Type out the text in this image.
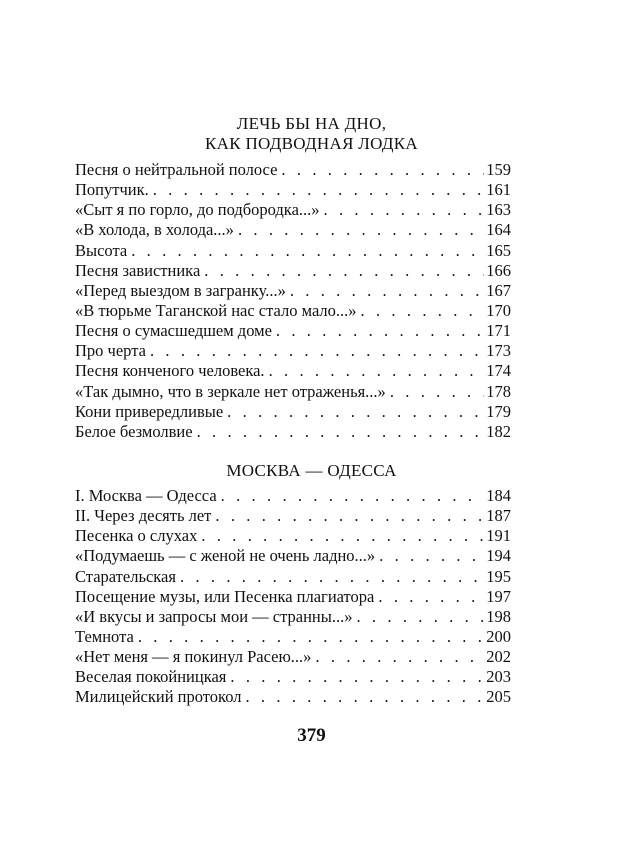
ЛЕЧЬ БЫ НА ДНО,
КАК ПОДВОДНАЯ ЛОДКА
Песня о нейтральной полосе . . .	159
Попутчик. . . .	161
«Сыт я по горло, до подбородка...» . . .	163
«В холода, в холода...» . . .	164
Высота . . .	165
Песня завистника . . .	166
«Перед выездом в загранку...» . . .	167
«В тюрьме Таганской нас стало мало...» . . .	170
Песня о сумасшедшем доме . . .	171
Про черта . . .	173
Песня конченого человека. . . .	174
«Так дымно, что в зеркале нет отраженья...» . . .	178
Кони привередливые . . .	179
Белое безмолвие . . .	182
МОСКВА — ОДЕССА
I. Москва — Одесса . . .	184
II. Через десять лет . . .	187
Песенка о слухах . . .	191
«Подумаешь — с женой не очень ладно...» . . .	194
Старательская . . .	195
Посещение музы, или Песенка плагиатора . . .	197
«И вкусы и запросы мои — странны...» . . .	198
Темнота . . .	200
«Нет меня — я покинул Расею...» . . .	202
Веселая покойницкая . . .	203
Милицейский протокол . . .	205
379
